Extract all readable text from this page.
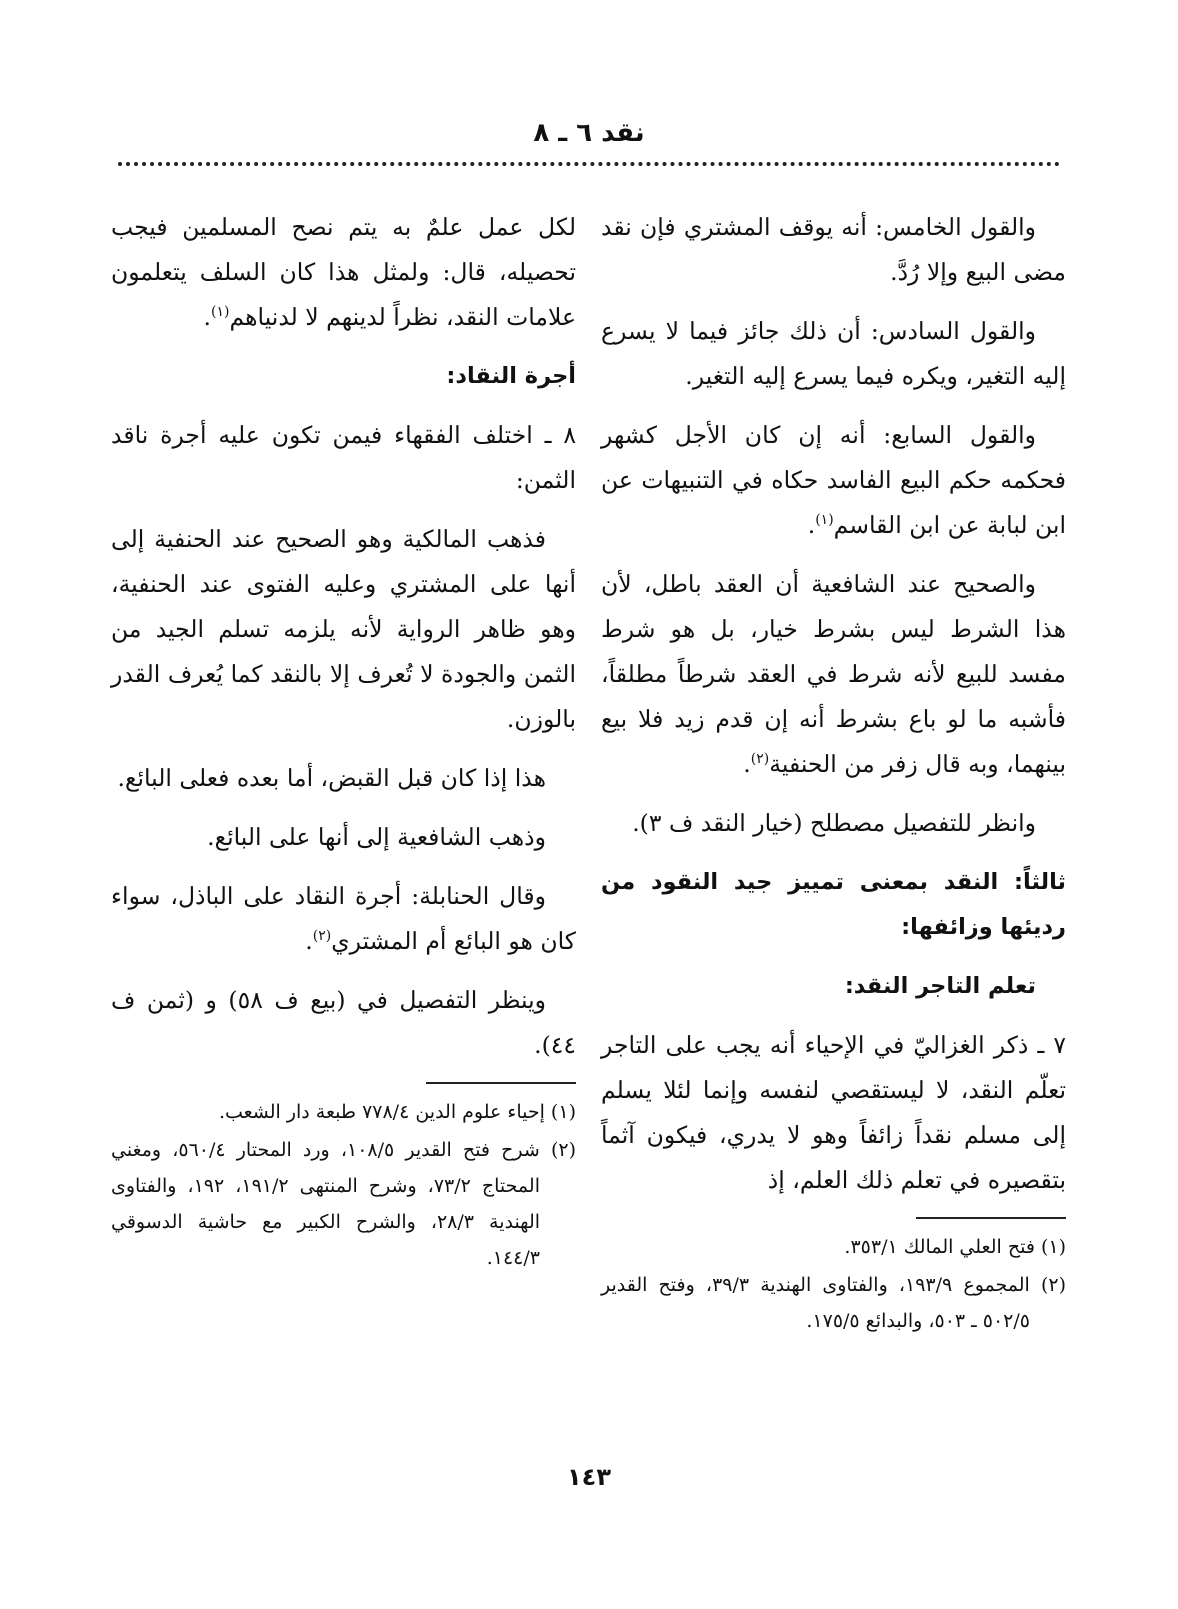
نقد ٦ ـ ٨

والقول الخامس: أنه يوقف المشتري فإن نقد مضى البيع وإلا رُدَّ.

والقول السادس: أن ذلك جائز فيما لا يسرع إليه التغير، ويكره فيما يسرع إليه التغير.

والقول السابع: أنه إن كان الأجل كشهر فحكمه حكم البيع الفاسد حكاه في التنبيهات عن ابن لبابة عن ابن القاسم$^{(١)}$.

والصحيح عند الشافعية أن العقد باطل، لأن هذا الشرط ليس بشرط خيار، بل هو شرط مفسد للبيع لأنه شرط في العقد شرطاً مطلقاً، فأشبه ما لو باع بشرط أنه إن قدم زيد فلا بيع بينهما، وبه قال زفر من الحنفية$^{(٢)}$.

وانظر للتفصيل مصطلح (خيار النقد ف ٣).

ثالثاً: النقد بمعنى تمييز جيد النقود من رديئها وزائفها:

تعلم التاجر النقد:

٧ ـ ذكر الغزاليّ في الإحياء أنه يجب على التاجر تعلّم النقد، لا ليستقصي لنفسه وإنما لئلا يسلم إلى مسلم نقداً زائفاً وهو لا يدري، فيكون آثماً بتقصيره في تعلم ذلك العلم، إذ

(١) فتح العلي المالك ٣٥٣/١.
(٢) المجموع ١٩٣/٩، والفتاوى الهندية ٣٩/٣، وفتح القدير ٥٠٢/٥ ـ ٥٠٣، والبدائع ١٧٥/٥.

لكل عمل علمٌ به يتم نصح المسلمين فيجب تحصيله، قال: ولمثل هذا كان السلف يتعلمون علامات النقد، نظراً لدينهم لا لدنياهم$^{(١)}$.

أجرة النقاد:

٨ ـ اختلف الفقهاء فيمن تكون عليه أجرة ناقد الثمن:

فذهب المالكية وهو الصحيح عند الحنفية إلى أنها على المشتري وعليه الفتوى عند الحنفية، وهو ظاهر الرواية لأنه يلزمه تسلم الجيد من الثمن والجودة لا تُعرف إلا بالنقد كما يُعرف القدر بالوزن.

هذا إذا كان قبل القبض، أما بعده فعلى البائع.

وذهب الشافعية إلى أنها على البائع.

وقال الحنابلة: أجرة النقاد على الباذل، سواء كان هو البائع أم المشتري$^{(٢)}$.

وينظر التفصيل في (بيع ف ٥٨) و (ثمن ف ٤٤).

(١) إحياء علوم الدين ٧٧٨/٤ طبعة دار الشعب.
(٢) شرح فتح القدير ١٠٨/٥، ورد المحتار ٥٦٠/٤، ومغني المحتاج ٧٣/٢، وشرح المنتهى ١٩١/٢، ١٩٢، والفتاوى الهندية ٢٨/٣، والشرح الكبير مع حاشية الدسوقي ١٤٤/٣.
١٤٣
